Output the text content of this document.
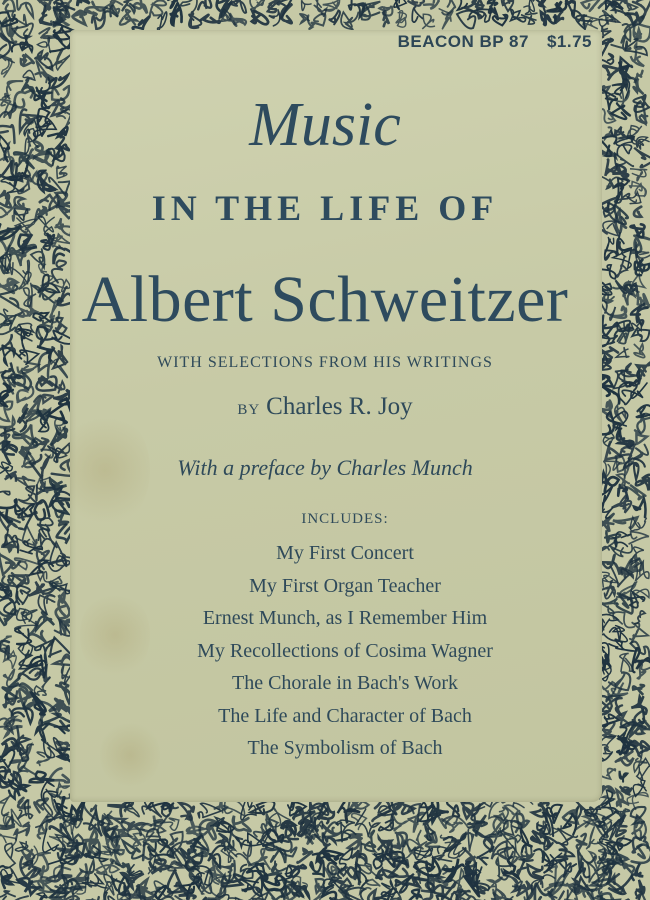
BEACON BP 87 $1.75
Music
IN THE LIFE OF
Albert Schweitzer
WITH SELECTIONS FROM HIS WRITINGS
BY Charles R. Joy
With a preface by Charles Munch
INCLUDES:
My First Concert
My First Organ Teacher
Ernest Munch, as I Remember Him
My Recollections of Cosima Wagner
The Chorale in Bach's Work
The Life and Character of Bach
The Symbolism of Bach
